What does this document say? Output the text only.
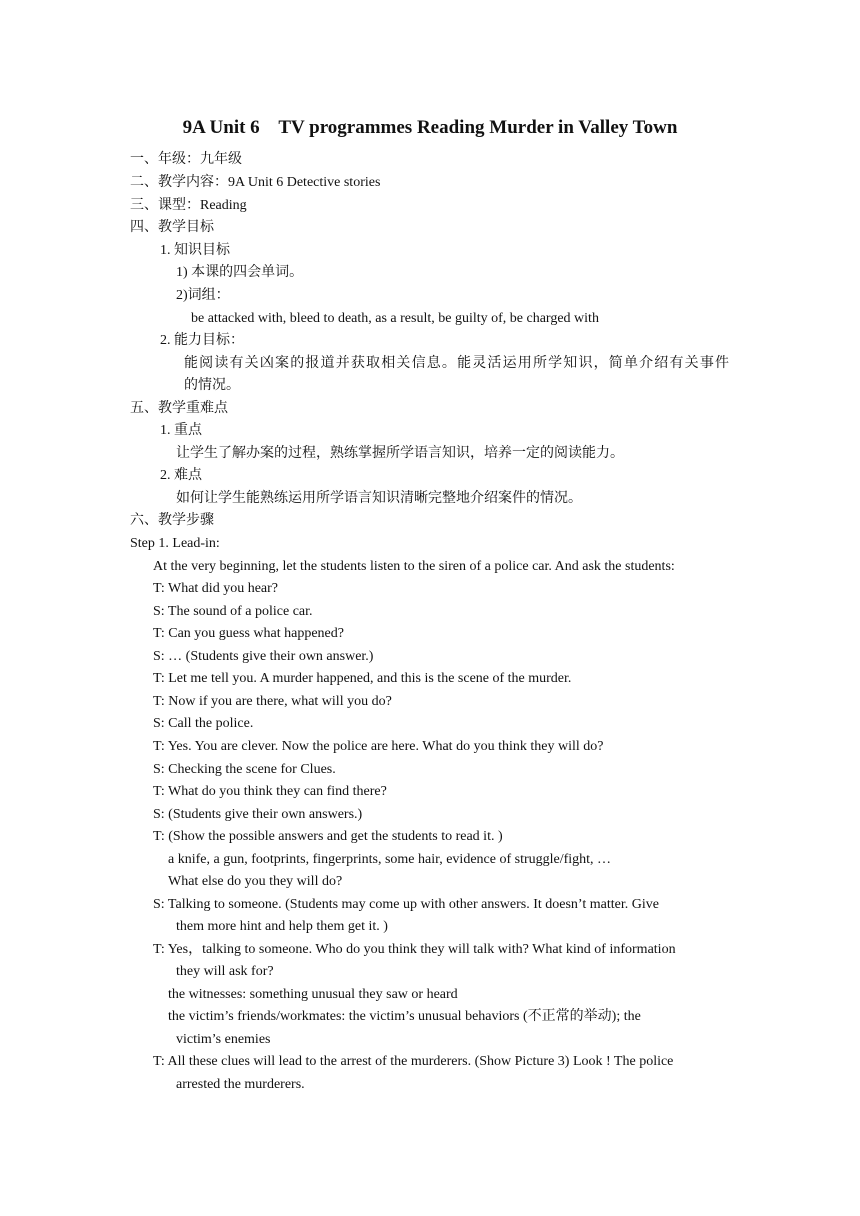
9A Unit 6    TV programmes Reading Murder in Valley Town
一、年级：九年级
二、教学内容：9A Unit 6 Detective stories
三、课型：Reading
四、教学目标
1. 知识目标
1) 本课的四会单词。
2)词组：
be attacked with, bleed to death, as a result, be guilty of, be charged with
2. 能力目标：
能阅读有关凶案的报道并获取相关信息。能灵活运用所学知识，简单介绍有关事件
的情况。
五、教学重难点
1. 重点
让学生了解办案的过程，熟练掌握所学语言知识，培养一定的阅读能力。
2. 难点
如何让学生能熟练运用所学语言知识清晰完整地介绍案件的情况。
六、教学步骤
Step 1. Lead-in:
At the very beginning, let the students listen to the siren of a police car. And ask the students:
T: What did you hear?
S: The sound of a police car.
T: Can you guess what happened?
S: … (Students give their own answer.)
T: Let me tell you. A murder happened, and this is the scene of the murder.
T: Now if you are there, what will you do?
S: Call the police.
T: Yes. You are clever. Now the police are here. What do you think they will do?
S: Checking the scene for Clues.
T: What do you think they can find there?
S: (Students give their own answers.)
T: (Show the possible answers and get the students to read it. )
a knife, a gun, footprints, fingerprints, some hair, evidence of struggle/fight, …
What else do you they will do?
S: Talking to someone. (Students may come up with other answers. It doesn’t matter. Give
them more hint and help them get it. )
T: Yes，talking to someone. Who do you think they will talk with? What kind of information
they will ask for?
the witnesses: something unusual they saw or heard
the victim’s friends/workmates: the victim’s unusual behaviors (不正常的举动); the
victim’s enemies
T: All these clues will lead to the arrest of the murderers. (Show Picture 3) Look ! The police
arrested the murderers.
